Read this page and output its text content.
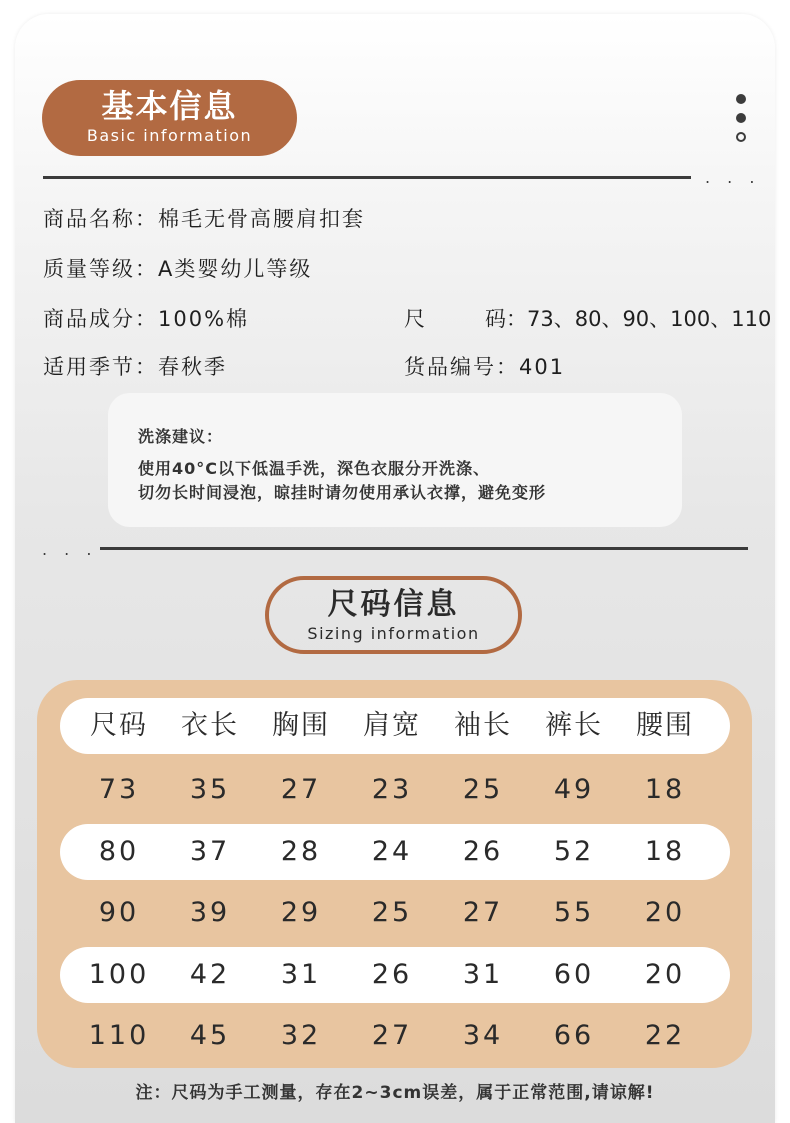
基本信息
Basic information
. . .
商品名称：棉毛无骨高腰肩扣套
质量等级：A类婴幼儿等级
商品成分：100%棉	尺	码：73、80、90、100、110
适用季节：春秋季	货品编号：401
洗涤建议：
使用40°C以下低温手洗，深色衣服分开洗涤、
切勿长时间浸泡，晾挂时请勿使用承认衣撑，避免变形
. . .
尺码信息
Sizing information
尺码	衣长	胸围	肩宽	袖长	裤长	腰围
73	35	27	23	25	49	18
80	37	28	24	26	52	18
90	39	29	25	27	55	20
100	42	31	26	31	60	20
110	45	32	27	34	66	22
注：尺码为手工测量，存在2~3cm误差，属于正常范围,请谅解!
